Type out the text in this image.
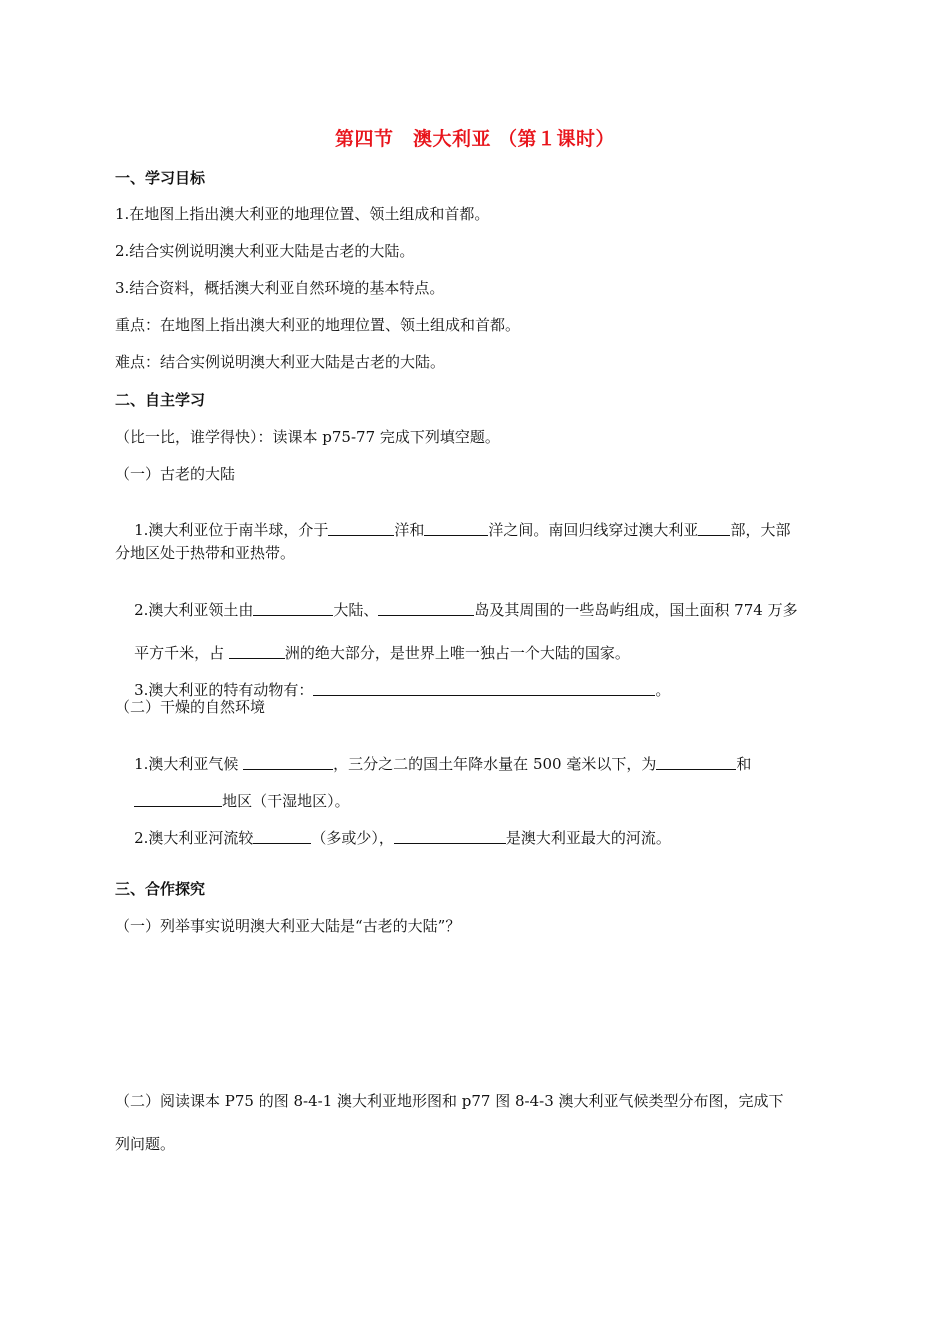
第四节　澳大利亚 （第１课时）
一、学习目标
1.在地图上指出澳大利亚的地理位置、领土组成和首都。
2.结合实例说明澳大利亚大陆是古老的大陆。
3.结合资料，概括澳大利亚自然环境的基本特点。
重点：在地图上指出澳大利亚的地理位置、领土组成和首都。
难点：结合实例说明澳大利亚大陆是古老的大陆。
二、自主学习
（比一比，谁学得快）：读课本 p75-77 完成下列填空题。
（一）古老的大陆

1.澳大利亚位于南半球，介于	洋和	洋之间。南回归线穿过澳大利亚 部，大部

分地区处于热带和亚热带。

2.澳大利亚领土由	大陆、	岛及其周围的一些岛屿组成，国土面积 774 万多

平方千米，占	洲的绝大部分，是世界上唯一独占一个大陆的国家。

3.澳大利亚的特有动物有：	。

（二）干燥的自然环境

1.澳大利亚气候	，三分之二的国土年降水量在 500 毫米以下，为	和

地区（干湿地区）。

2.澳大利亚河流较	（多或少），	是澳大利亚最大的河流。

三、合作探究
（一）列举事实说明澳大利亚大陆是“古老的大陆”？
（二）阅读课本 P75 的图 8-4-1 澳大利亚地形图和 p77 图 8-4-3 澳大利亚气候类型分布图，完成下
列问题。
